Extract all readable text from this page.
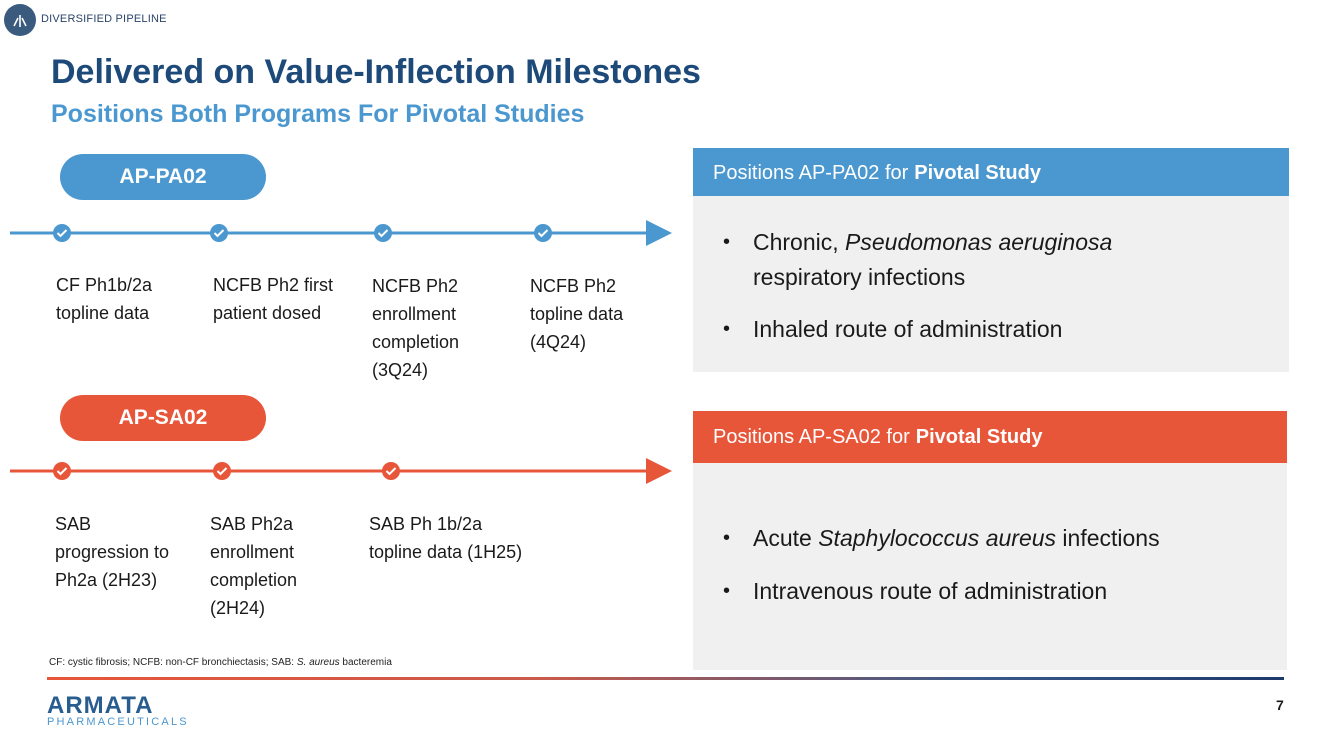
DIVERSIFIED PIPELINE
Delivered on Value-Inflection Milestones
Positions Both Programs For Pivotal Studies
AP-PA02
CF Ph1b/2a
topline data
NCFB Ph2 first
patient dosed
NCFB Ph2
enrollment
completion
(3Q24)
NCFB Ph2
topline data
(4Q24)
AP-SA02
SAB
progression to
Ph2a (2H23)
SAB Ph2a
enrollment
completion
(2H24)
SAB Ph 1b/2a
topline data (1H25)
Positions AP-PA02 for Pivotal Study
• Chronic, Pseudomonas aeruginosa
respiratory infections
• Inhaled route of administration
Positions AP-SA02 for Pivotal Study
• Acute Staphylococcus aureus infections
• Intravenous route of administration
CF: cystic fibrosis; NCFB: non-CF bronchiectasis; SAB: S. aureus bacteremia
ARMATA
PHARMACEUTICALS
7
